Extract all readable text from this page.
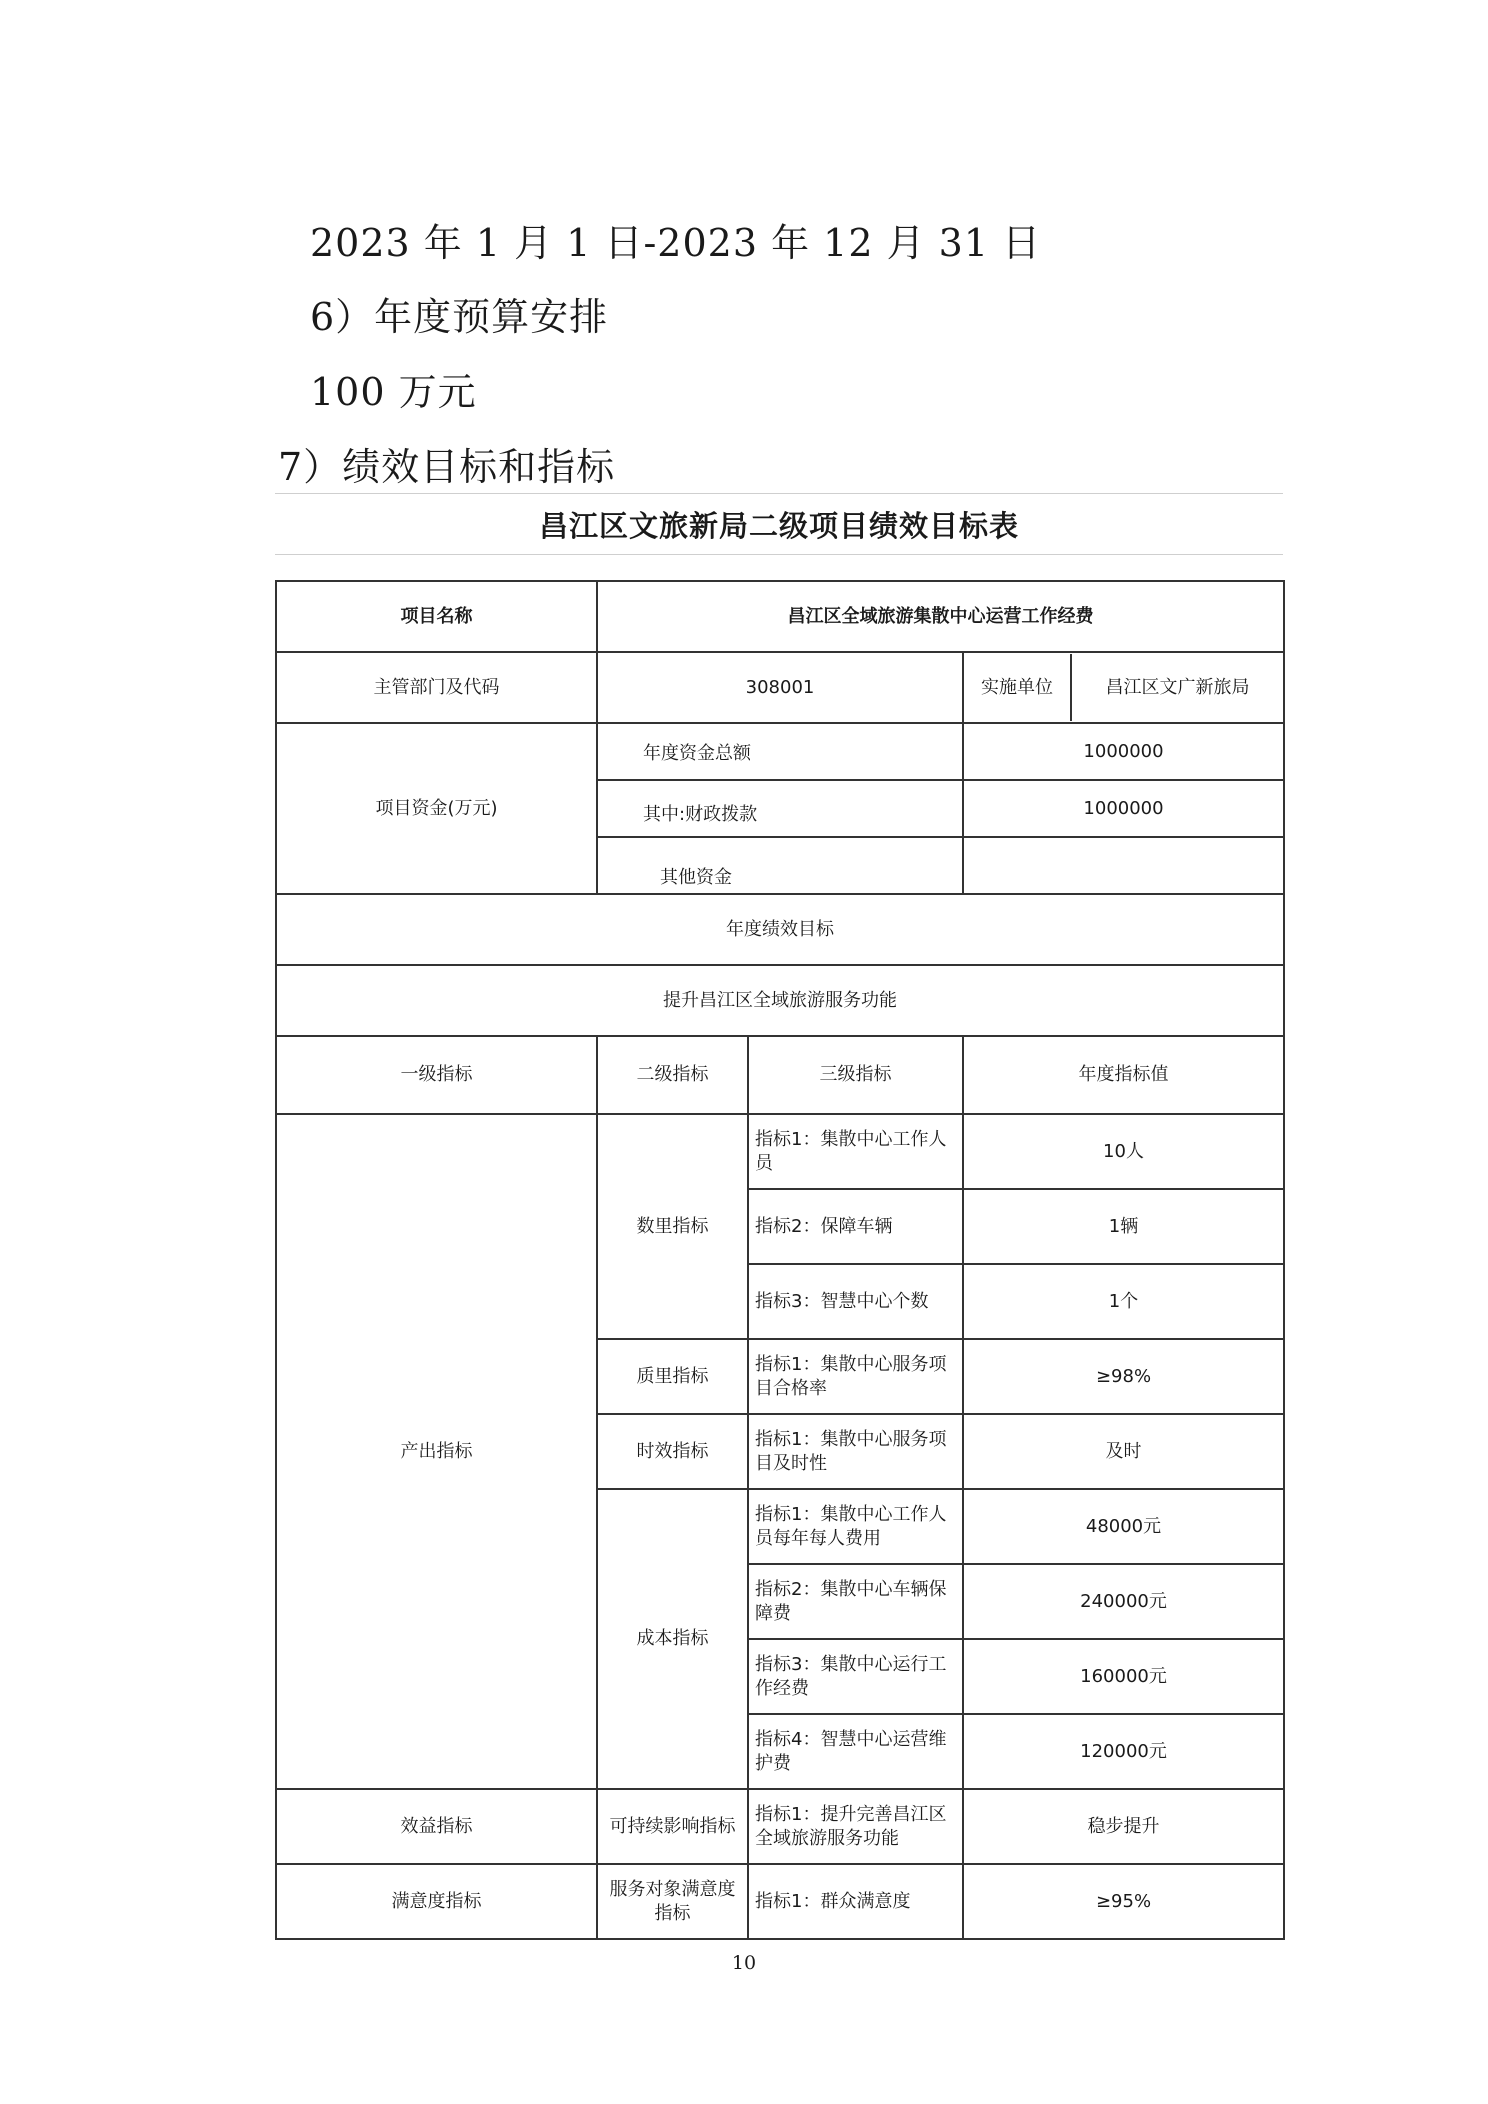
2023 年 1 月 1 日-2023 年 12 月 31 日
6）年度预算安排
100 万元
7）绩效目标和指标
昌江区文旅新局二级项目绩效目标表
项目名称	昌江区全域旅游集散中心运营工作经费		
主管部门及代码	308001		实施单位 昌江区文广新旅局

项目资金(万元)		年度资金总额	1000000

		其中:财政拨款	1000000

		其他资金	

年度绩效目标			
提升昌江区全域旅游服务功能			
一级指标	二级指标	三级指标	年度指标值
产出指标	数里指标	指标1：集散中心工作人员	10人
		指标2：保障车辆	1辆
		指标3：智慧中心个数	1个
	质里指标	指标1：集散中心服务项目合格率	≥98%
	时效指标	指标1：集散中心服务项目及时性	及时
	成本指标	指标1：集散中心工作人员每年每人费用	48000元
		指标2：集散中心车辆保障费	240000元
		指标3：集散中心运行工作经费	160000元
		指标4：智慧中心运营维护费	120000元
效益指标	可持续影响指标	指标1：提升完善昌江区全域旅游服务功能	稳步提升
满意度指标	服务对象满意度指标	指标1：群众满意度	≥95%
10
